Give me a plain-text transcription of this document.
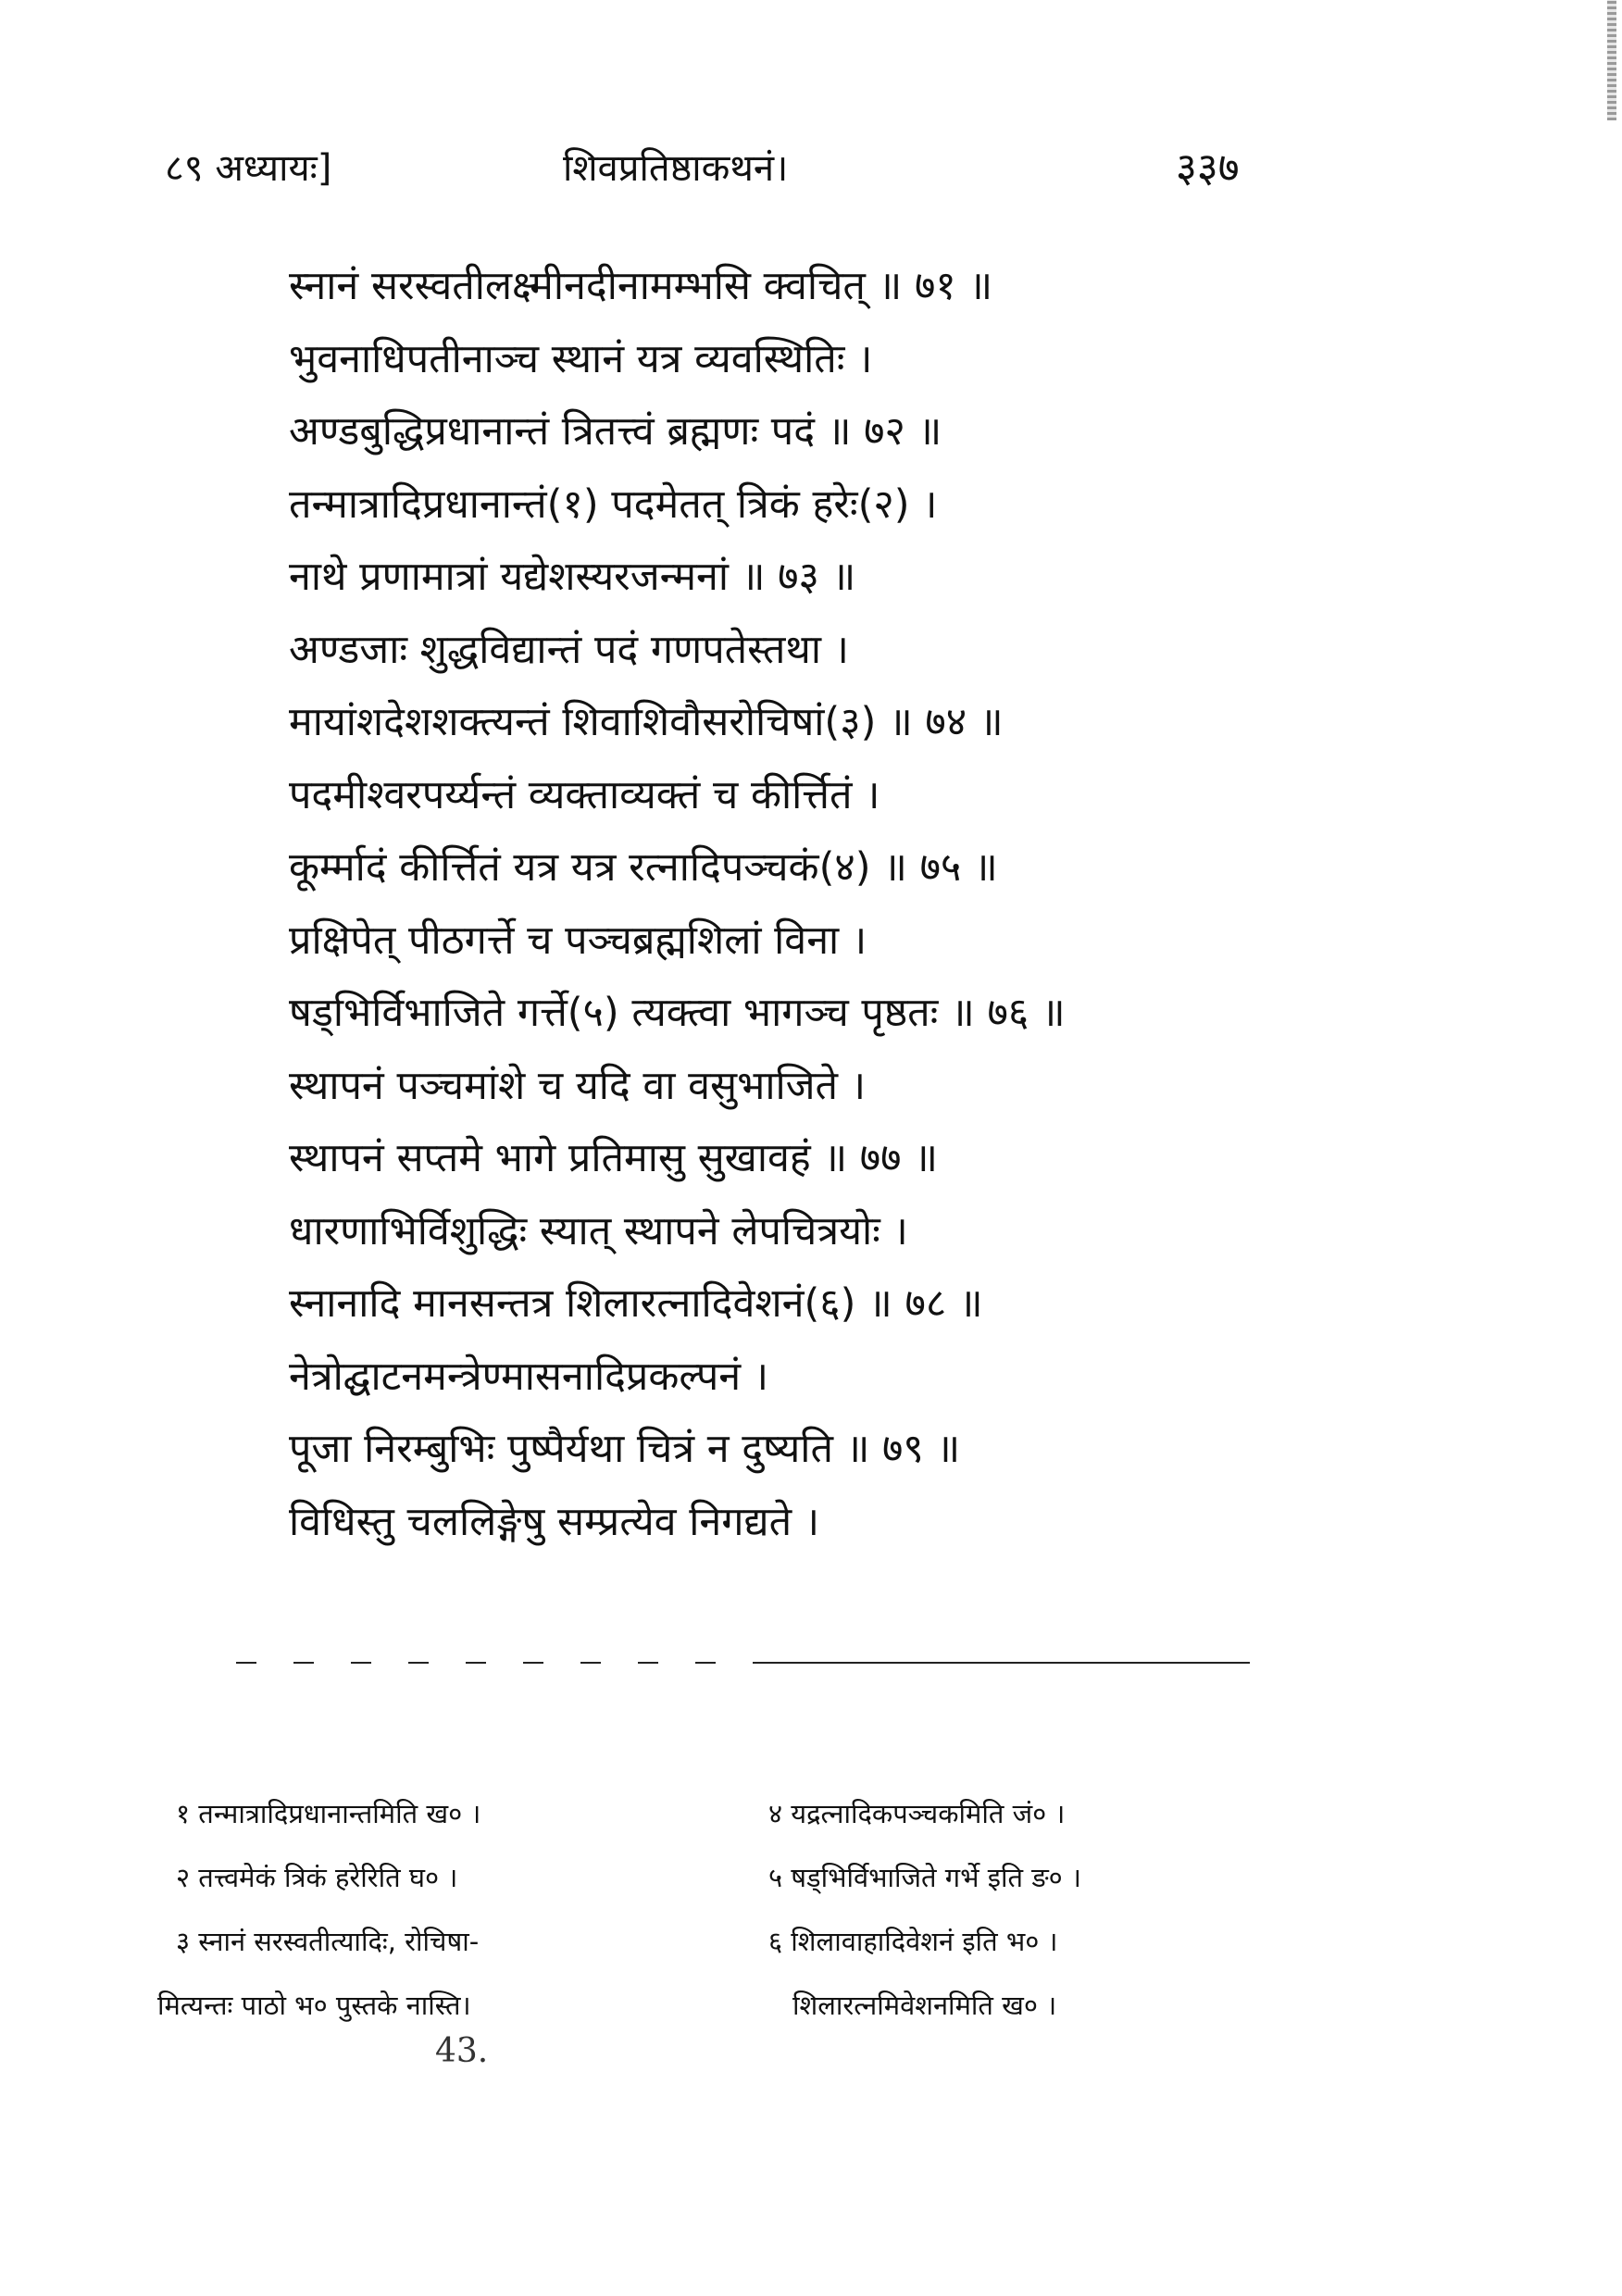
८९ अध्यायः]	शिवप्रतिष्ठाकथनं।	३३७
स्नानं सरस्वतीलक्ष्मीनदीनामम्भसि क्वचित् ॥ ७१ ॥
भुवनाधिपतीनाञ्च स्थानं यत्र व्यवस्थितिः ।
अण्डबुद्धिप्रधानान्तं त्रितत्त्वं ब्रह्मणः पदं ॥ ७२ ॥
तन्मात्रादिप्रधानान्तं(१) पदमेतत् त्रिकं हरेः(२) ।
नाथे प्रणामात्रां यद्येशस्यरजन्मनां ॥ ७३ ॥
अण्डजाः शुद्धविद्यान्तं पदं गणपतेस्तथा ।
मायांशदेशशक्त्यन्तं शिवाशिवौसरोचिषां(३) ॥ ७४ ॥
पदमीश्वरपर्य्यन्तं व्यक्ताव्यक्तं च कीर्त्तितं ।
कूर्म्मादं कीर्त्तितं यत्र यत्र रत्नादिपञ्चकं(४) ॥ ७५ ॥
प्रक्षिपेत् पीठगर्त्ते च पञ्चब्रह्मशिलां विना ।
षड्भिर्विभाजिते गर्त्ते(५) त्यक्त्वा भागञ्च पृष्ठतः ॥ ७६ ॥
स्थापनं पञ्चमांशे च यदि वा वसुभाजिते ।
स्थापनं सप्तमे भागे प्रतिमासु सुखावहं ॥ ७७ ॥
धारणाभिर्विशुद्धिः स्यात् स्थापने लेपचित्रयोः ।
स्नानादि मानसन्तत्र शिलारत्नादिवेशनं(६) ॥ ७८ ॥
नेत्रोद्घाटनमन्त्रेण्मासनादिप्रकल्पनं ।
पूजा निरम्बुभिः पुष्पैर्यथा चित्रं न दुष्यति ॥ ७९ ॥
विधिस्तु चललिङ्गेषु सम्प्रत्येव निगद्यते ।
१ तन्मात्रादिप्रधानान्तमिति ख० ।
२ तत्त्वमेकं त्रिकं हरेरिति घ० ।
३ स्नानं सरस्वतीत्यादिः, रोचिषा-
मित्यन्तः पाठो भ० पुस्तके नास्ति।
४ यद्रत्नादिकपञ्चकमिति जं० ।
५ षड्भिर्विभाजिते गर्भे इति ङ० ।
६ शिलावाहादिवेशनं इति भ० ।
शिलारत्नमिवेशनमिति ख० ।
43.
